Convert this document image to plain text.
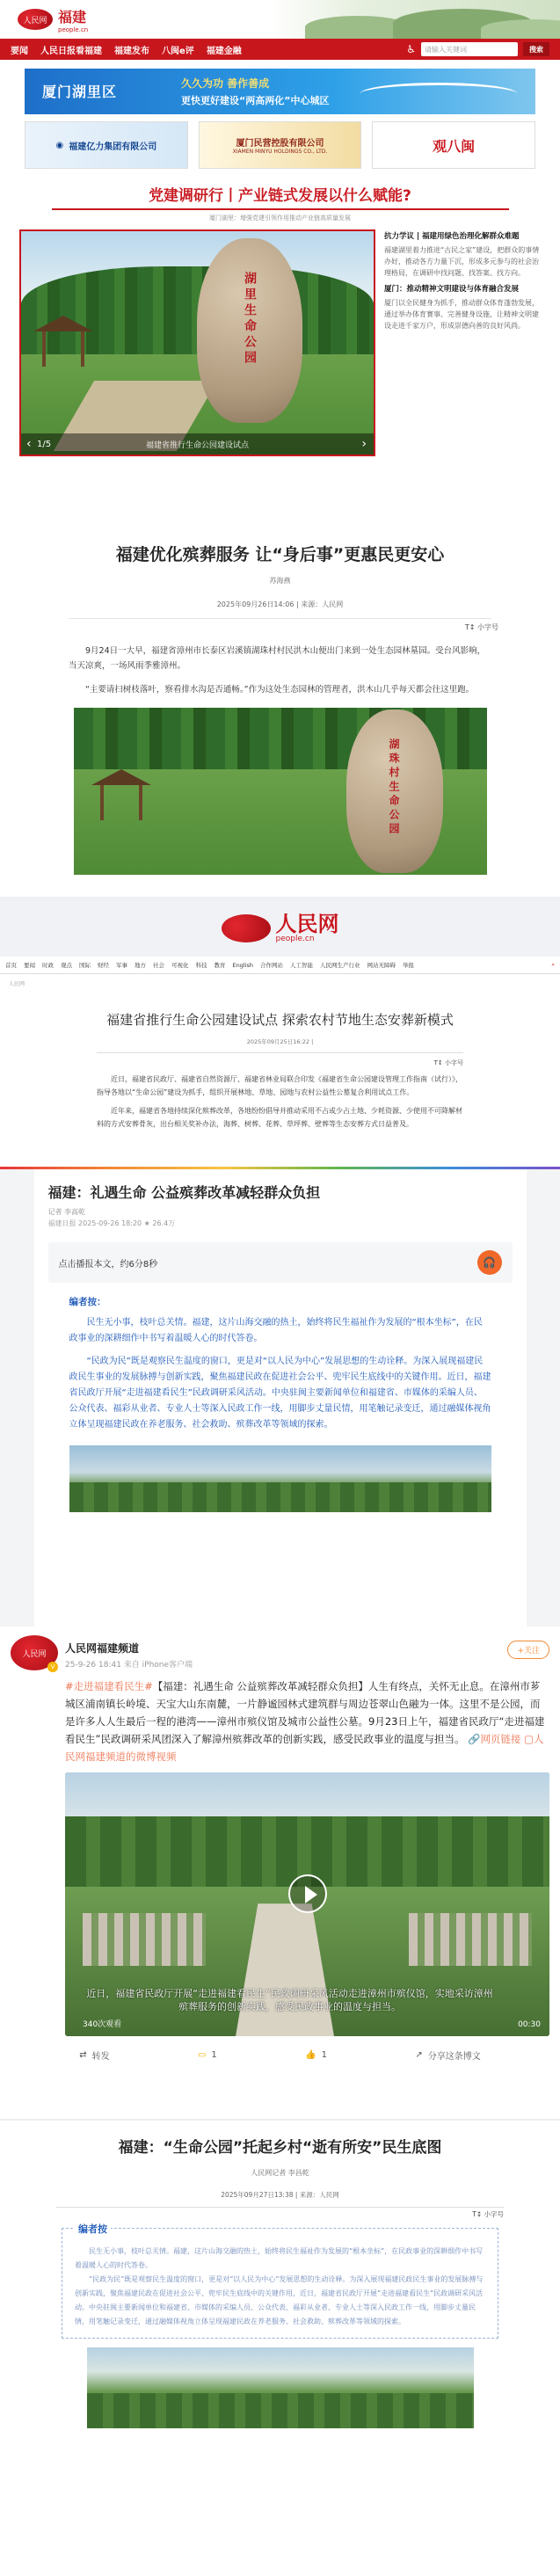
人民网 福建
people.cn
要闻 人民日报看福建 福建发布 八闽e评 福建金融	♿	请输入关键词	搜索
厦门湖里区	久久为功 善作善成
更快更好建设“两高两化”中心城区
◉ 福建亿力集团有限公司	厦门民营控股有限公司
XIAMEN MINYU HOLDINGS CO., LTD.	观八闽
党建调研行丨产业链式发展以什么赋能?
厦门湖里：增强党建引领作用推动产业链高质量发展
湖里生命公园
福建省推行生命公园建设试点
1/5
‹	›
抗力学议 | 福建用绿色治理化解群众难题

福建湖里着力推进“古民之家”建设，把群众的事情办好，推动各方力量下沉，形成多元参与的社会治理格局，在调研中找问题、找答案、找方向。

厦门：推动精神文明建设与体育融合发展

厦门以全民健身为抓手，推动群众体育蓬勃发展，通过举办体育赛事、完善健身设施，让精神文明建设走进千家万户，形成崇德向善的良好风尚。

福建优化殡葬服务 让“身后事”更惠民更安心
苏海燕
2025年09月26日14:06 | 来源：人民网
T↕ 小字号

9月24日一大早，福建省漳州市长泰区岩溪镇湖珠村村民洪木山便出门来到一处生态园林墓园。受台风影响，当天凉爽，一场风雨季雅漳州。

“主要请扫树枝落叶，察看排水沟是否通畅。”作为这处生态园林的管理者，洪木山几乎每天都会往这里跑。

湖珠村生命公园
人民网
people.cn
首页 要闻 时政 观点 国际 财经 军事 地方 社会 可视化 科技 教育 English 合作网站 人工智能 人民网生产行业 网站无障碍 举报	⌕
人民网
福建省推行生命公园建设试点 探索农村节地生态安葬新模式
2025年09月25日16:22 |
T↕ 小字号

近日，福建省民政厅、福建省自然资源厅、福建省林业局联合印发《福建省生命公园建设管理工作指南（试行）》，指导各地以“生命公园”建设为抓手，组织开展林地、草地、园地与农村公益性公墓复合利用试点工作。

近年来，福建省各地持续深化殡葬改革，各地纷纷倡导并推动采用不占或少占土地、少耗资源、少使用不可降解材料的方式安葬骨灰，出台相关奖补办法，海葬、树葬、花葬、草坪葬、壁葬等生态安葬方式日益普及。

福建：礼遇生命 公益殡葬改革减轻群众负担
记者 李高乾
福建日报 2025-09-26 18:20 ★ 26.4万
点击播报本文，约6分8秒	🎧
编者按：

民生无小事，枝叶总关情。福建，这片山海交融的热土，始终将民生福祉作为发展的“根本坐标”，在民政事业的深耕细作中书写着温暖人心的时代答卷。

“民政为民”既是观察民生温度的窗口，更是对“以人民为中心”发展思想的生动诠释。为深入展现福建民政民生事业的发展脉搏与创新实践，聚焦福建民政在促进社会公平、兜牢民生底线中的关键作用。近日，福建省民政厅开展“走进福建看民生”民政调研采风活动。中央驻闽主要新闻单位和福建省、市媒体的采编人员、公众代表、福彩从业者、专业人士等深入民政工作一线，用脚步丈量民情，用笔触记录变迁，通过融媒体视角立体呈现福建民政在养老服务、社会救助、殡葬改革等领域的探索。

人民网
V
人民网福建频道
25-9-26 18:41 来自 iPhone客户端
+关注
#走进福建看民生#【福建：礼遇生命 公益殡葬改革减轻群众负担】人生有终点，关怀无止息。在漳州市芗城区浦南镇长岭境、天宝大山东南麓，一片静谧园林式建筑群与周边苍翠山色融为一体。这里不是公园，而是许多人人生最后一程的港湾——漳州市殡仪馆及城市公益性公墓。9月23日上午，福建省民政厅“走进福建看民生”民政调研采风团深入了解漳州殡葬改革的创新实践，感受民政事业的温度与担当。 🔗网页链接 ▢人民网福建频道的微博视频
近日，福建省民政厅开展“走进福建看民生”民政调研采风活动走进漳州市殡仪馆，实地采访漳州殡葬服务的创新实践，感受民政事业的温度与担当。
340次观看	00:30
⇄ 转发	▭ 1	👍 1	↗ 分享这条博文
福建：“生命公园”托起乡村“逝有所安”民生底图
人民网记者 李昌乾
2025年09月27日13:38 | 来源：人民网
T↕ 小字号
编者按

民生无小事，枝叶总关情。福建，这片山海交融的热土，始终将民生福祉作为发展的“根本坐标”，在民政事业的深耕细作中书写着温暖人心的时代答卷。

“民政为民”既是观察民生温度的窗口，更是对“以人民为中心”发展思想的生动诠释。为深入展现福建民政民生事业的发展脉搏与创新实践，聚焦福建民政在促进社会公平、兜牢民生底线中的关键作用，近日，福建省民政厅开展“走进福建看民生”民政调研采风活动。中央驻闽主要新闻单位和福建省、市媒体的采编人员、公众代表、福彩从业者、专业人士等深入民政工作一线，用脚步丈量民情，用笔触记录变迁，通过融媒体视角立体呈现福建民政在养老服务、社会救助、殡葬改革等领域的探索。
